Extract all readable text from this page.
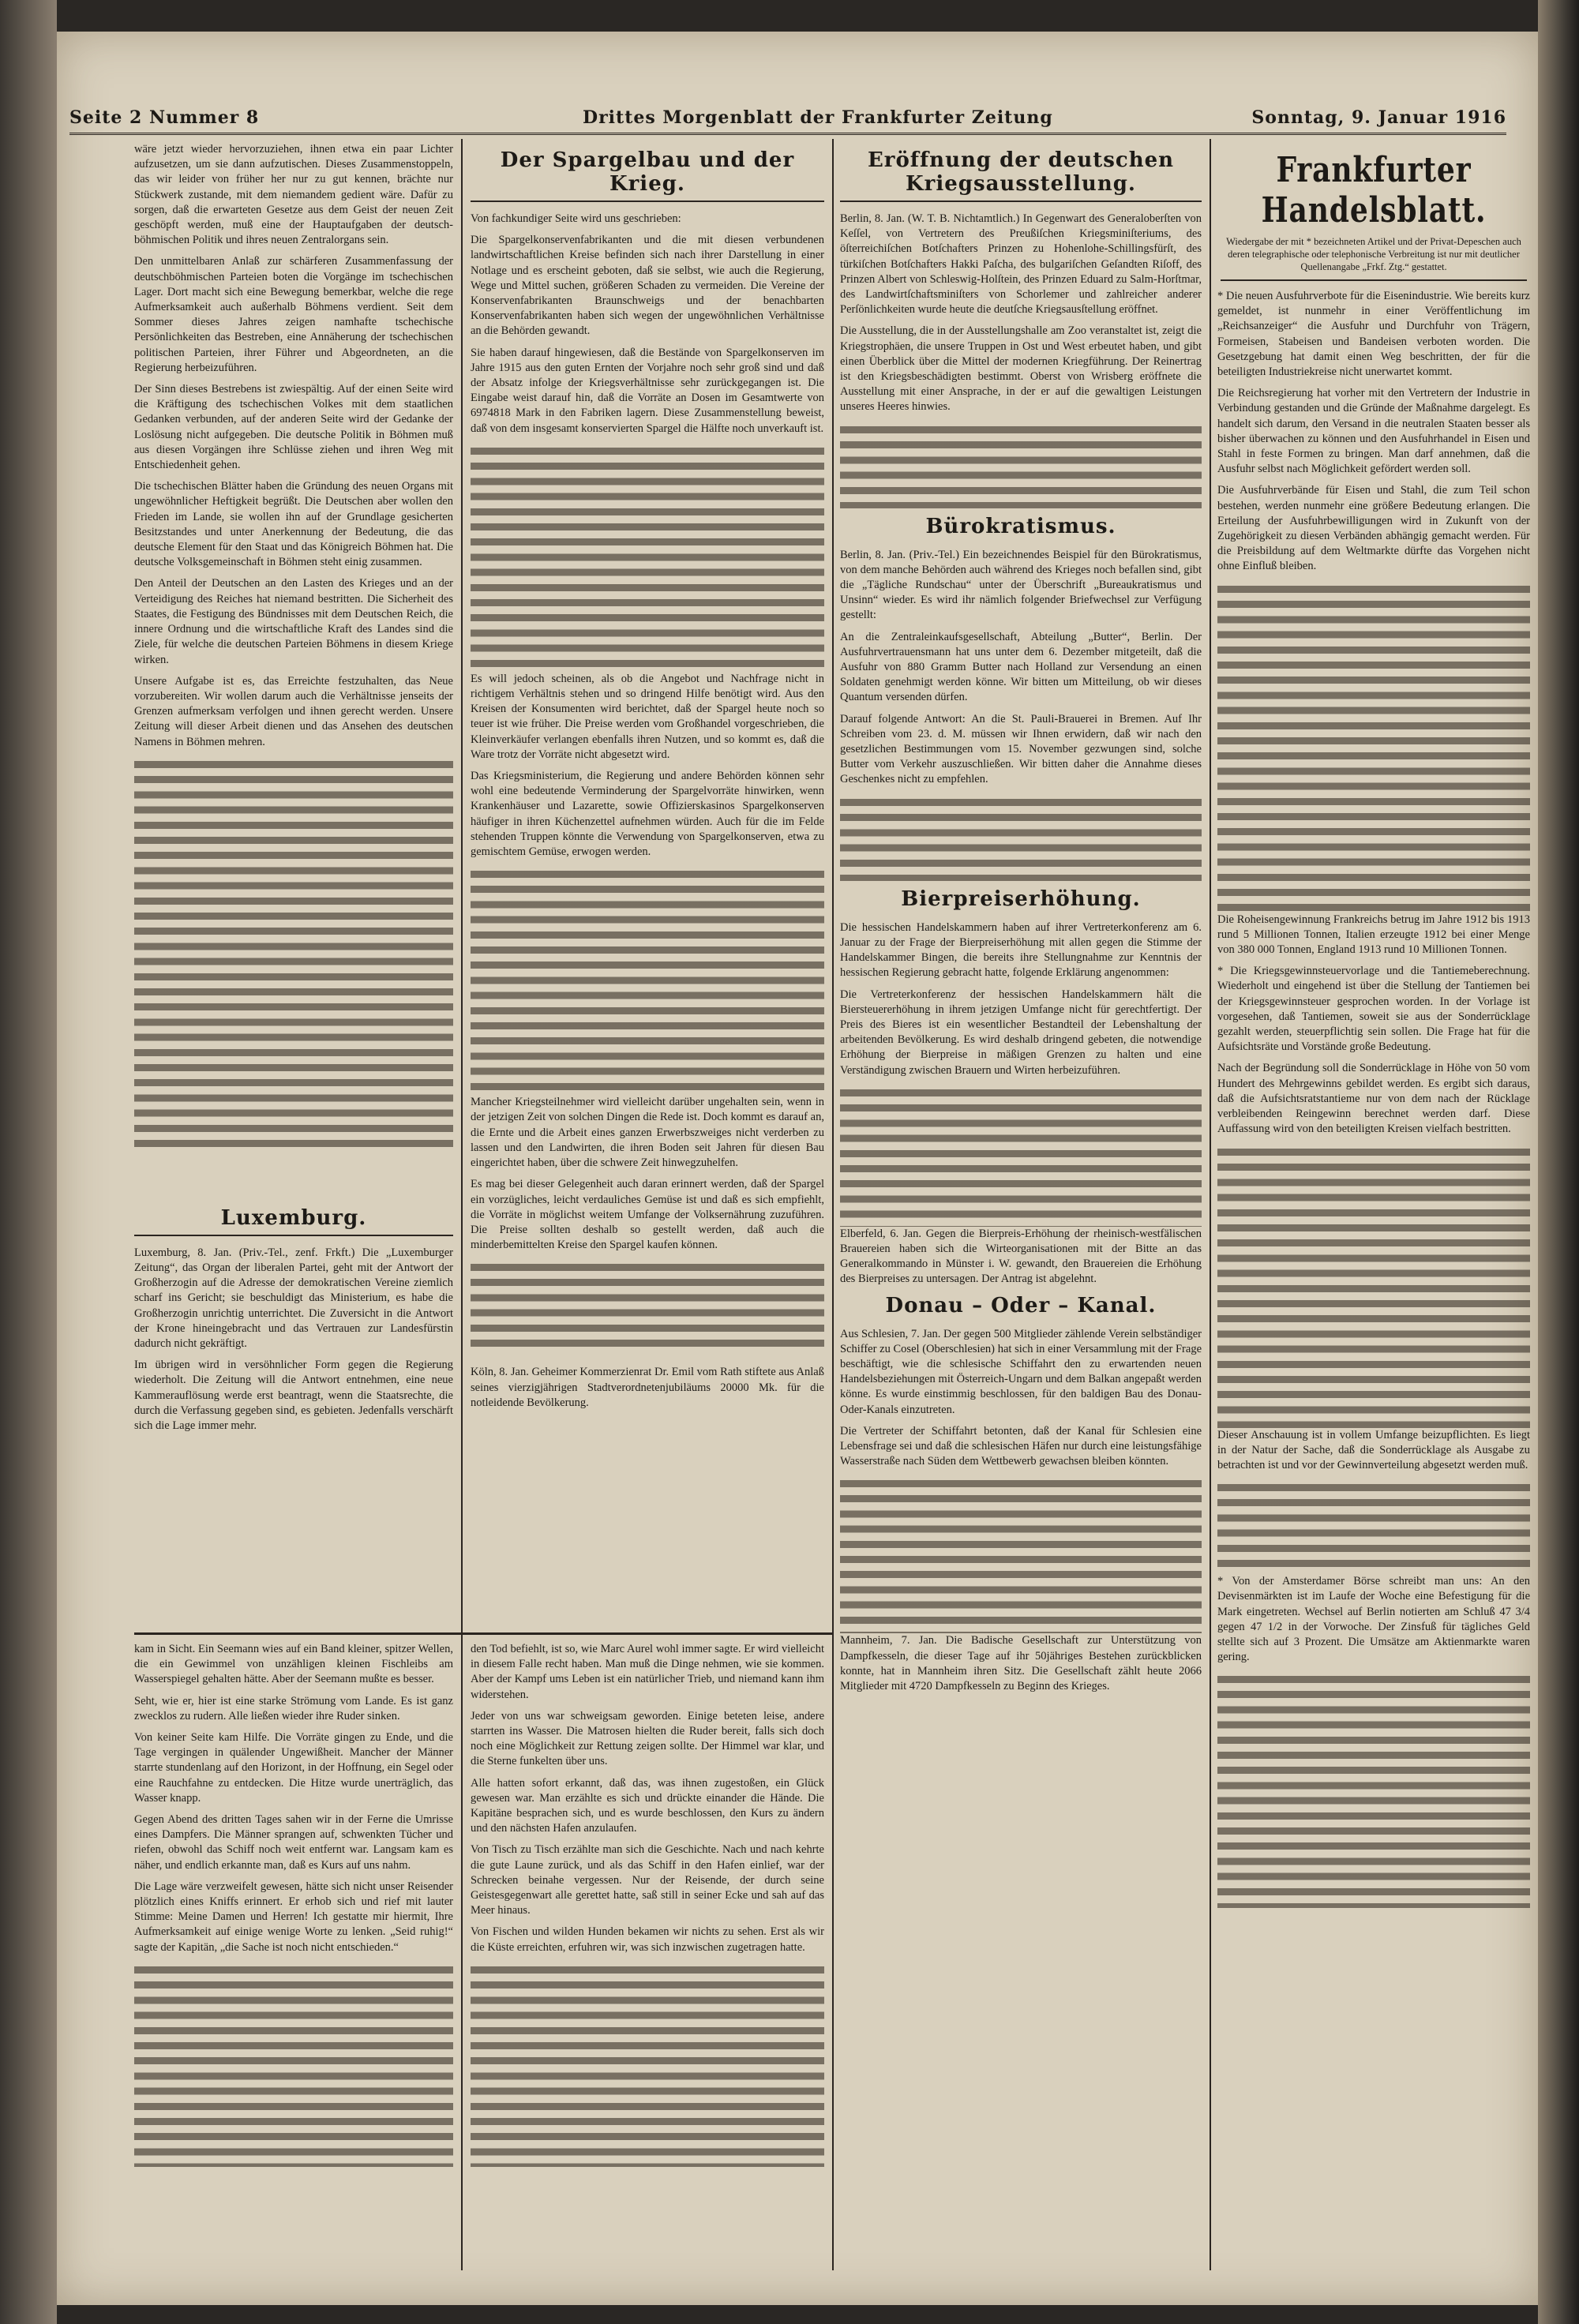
Seite 2 Nummer 8	Drittes Morgenblatt der Frankfurter Zeitung	Sonntag, 9. Januar 1916

wäre jetzt wieder hervorzuziehen, ihnen etwa ein paar Lichter aufzusetzen, um sie dann aufzutischen. Dieses Zusammenstoppeln, das wir leider von früher her nur zu gut kennen, brächte nur Stückwerk zustande, mit dem niemandem gedient wäre. Dafür zu sorgen, daß die erwarteten Gesetze aus dem Geist der neuen Zeit geschöpft werden, muß eine der Hauptaufgaben der deutsch-böhmischen Politik und ihres neuen Zentralorgans sein.

Den unmittelbaren Anlaß zur schärferen Zusammenfassung der deutschböhmischen Parteien boten die Vorgänge im tschechischen Lager. Dort macht sich eine Bewegung bemerkbar, welche die rege Aufmerksamkeit auch außerhalb Böhmens verdient. Seit dem Sommer dieses Jahres zeigen namhafte tschechische Persönlichkeiten das Bestreben, eine Annäherung der tschechischen politischen Parteien, ihrer Führer und Abgeordneten, an die Regierung herbeizuführen.

Der Sinn dieses Bestrebens ist zwiespältig. Auf der einen Seite wird die Kräftigung des tschechischen Volkes mit dem staatlichen Gedanken verbunden, auf der anderen Seite wird der Gedanke der Loslösung nicht aufgegeben. Die deutsche Politik in Böhmen muß aus diesen Vorgängen ihre Schlüsse ziehen und ihren Weg mit Entschiedenheit gehen.

Die tschechischen Blätter haben die Gründung des neuen Organs mit ungewöhnlicher Heftigkeit begrüßt. Die Deutschen aber wollen den Frieden im Lande, sie wollen ihn auf der Grundlage gesicherten Besitzstandes und unter Anerkennung der Bedeutung, die das deutsche Element für den Staat und das Königreich Böhmen hat. Die deutsche Volksgemeinschaft in Böhmen steht einig zusammen.

Den Anteil der Deutschen an den Lasten des Krieges und an der Verteidigung des Reiches hat niemand bestritten. Die Sicherheit des Staates, die Festigung des Bündnisses mit dem Deutschen Reich, die innere Ordnung und die wirtschaftliche Kraft des Landes sind die Ziele, für welche die deutschen Parteien Böhmens in diesem Kriege wirken.

Unsere Aufgabe ist es, das Erreichte festzuhalten, das Neue vorzubereiten. Wir wollen darum auch die Verhältnisse jenseits der Grenzen aufmerksam verfolgen und ihnen gerecht werden. Unsere Zeitung will dieser Arbeit dienen und das Ansehen des deutschen Namens in Böhmen mehren.

Luxemburg.

Luxemburg, 8. Jan. (Priv.-Tel., zenf. Frkft.) Die „Luxemburger Zeitung“, das Organ der liberalen Partei, geht mit der Antwort der Großherzogin auf die Adresse der demokratischen Vereine ziemlich scharf ins Gericht; sie beschuldigt das Ministerium, es habe die Großherzogin unrichtig unterrichtet. Die Zuversicht in die Antwort der Krone hineingebracht und das Vertrauen zur Landesfürstin dadurch nicht gekräftigt.

Im übrigen wird in versöhnlicher Form gegen die Regierung wiederholt. Die Zeitung will die Antwort entnehmen, eine neue Kammerauflösung werde erst beantragt, wenn die Staatsrechte, die durch die Verfassung gegeben sind, es gebieten. Jedenfalls verschärft sich die Lage immer mehr.

Der Spargelbau und der Krieg.

Von fachkundiger Seite wird uns geschrieben:

Die Spargelkonservenfabrikanten und die mit diesen verbundenen landwirtschaftlichen Kreise befinden sich nach ihrer Darstellung in einer Notlage und es erscheint geboten, daß sie selbst, wie auch die Regierung, Wege und Mittel suchen, größeren Schaden zu vermeiden. Die Vereine der Konservenfabrikanten Braunschweigs und der benachbarten Konservenfabrikanten haben sich wegen der ungewöhnlichen Verhältnisse an die Behörden gewandt.

Sie haben darauf hingewiesen, daß die Bestände von Spargelkonserven im Jahre 1915 aus den guten Ernten der Vorjahre noch sehr groß sind und daß der Absatz infolge der Kriegsverhältnisse sehr zurückgegangen ist. Die Eingabe weist darauf hin, daß die Vorräte an Dosen im Gesamtwerte von 6974818 Mark in den Fabriken lagern. Diese Zusammenstellung beweist, daß von dem insgesamt konservierten Spargel die Hälfte noch unverkauft ist.

Es will jedoch scheinen, als ob die Angebot und Nachfrage nicht in richtigem Verhältnis stehen und so dringend Hilfe benötigt wird. Aus den Kreisen der Konsumenten wird berichtet, daß der Spargel heute noch so teuer ist wie früher. Die Preise werden vom Großhandel vorgeschrieben, die Kleinverkäufer verlangen ebenfalls ihren Nutzen, und so kommt es, daß die Ware trotz der Vorräte nicht abgesetzt wird.

Das Kriegsministerium, die Regierung und andere Behörden können sehr wohl eine bedeutende Verminderung der Spargelvorräte hinwirken, wenn Krankenhäuser und Lazarette, sowie Offizierskasinos Spargelkonserven häufiger in ihren Küchenzettel aufnehmen würden. Auch für die im Felde stehenden Truppen könnte die Verwendung von Spargelkonserven, etwa zu gemischtem Gemüse, erwogen werden.

Mancher Kriegsteilnehmer wird vielleicht darüber ungehalten sein, wenn in der jetzigen Zeit von solchen Dingen die Rede ist. Doch kommt es darauf an, die Ernte und die Arbeit eines ganzen Erwerbszweiges nicht verderben zu lassen und den Landwirten, die ihren Boden seit Jahren für diesen Bau eingerichtet haben, über die schwere Zeit hinwegzuhelfen.

Es mag bei dieser Gelegenheit auch daran erinnert werden, daß der Spargel ein vorzügliches, leicht verdauliches Gemüse ist und daß es sich empfiehlt, die Vorräte in möglichst weitem Umfange der Volksernährung zuzuführen. Die Preise sollten deshalb so gestellt werden, daß auch die minderbemittelten Kreise den Spargel kaufen können.

Köln, 8. Jan. Geheimer Kommerzienrat Dr. Emil vom Rath stiftete aus Anlaß seines vierzigjährigen Stadtverordnetenjubiläums 20000 Mk. für die notleidende Bevölkerung.

Eröffnung der deutschen Kriegsausstellung.

Berlin, 8. Jan. (W. T. B. Nichtamtlich.) In Gegenwart des Generaloberſten von Keſſel, von Vertretern des Preußiſchen Kriegsminiſteriums, des öſterreichiſchen Botſchafters Prinzen zu Hohenlohe-Schillingsfürſt, des türkiſchen Botſchafters Hakki Paſcha, des bulgariſchen Geſandten Riſoff, des Prinzen Albert von Schleswig-Holſtein, des Prinzen Eduard zu Salm-Horſtmar, des Landwirtſchaftsminiſters von Schorlemer und zahlreicher anderer Perſönlichkeiten wurde heute die deutſche Kriegsausſtellung eröffnet.

Die Ausstellung, die in der Ausstellungshalle am Zoo veranstaltet ist, zeigt die Kriegstrophäen, die unsere Truppen in Ost und West erbeutet haben, und gibt einen Überblick über die Mittel der modernen Kriegführung. Der Reinertrag ist den Kriegsbeschädigten bestimmt. Oberst von Wrisberg eröffnete die Ausstellung mit einer Ansprache, in der er auf die gewaltigen Leistungen unseres Heeres hinwies.

Bürokratismus.

Berlin, 8. Jan. (Priv.-Tel.) Ein bezeichnendes Beispiel für den Bürokratismus, von dem manche Behörden auch während des Krieges noch befallen sind, gibt die „Tägliche Rundschau“ unter der Überschrift „Bureaukratismus und Unsinn“ wieder. Es wird ihr nämlich folgender Briefwechsel zur Verfügung gestellt:

An die Zentraleinkaufsgesellschaft, Abteilung „Butter“, Berlin. Der Ausfuhrvertrauensmann hat uns unter dem 6. Dezember mitgeteilt, daß die Ausfuhr von 880 Gramm Butter nach Holland zur Versendung an einen Soldaten genehmigt werden könne. Wir bitten um Mitteilung, ob wir dieses Quantum versenden dürfen.

Darauf folgende Antwort: An die St. Pauli-Brauerei in Bremen. Auf Ihr Schreiben vom 23. d. M. müssen wir Ihnen erwidern, daß wir nach den gesetzlichen Bestimmungen vom 15. November gezwungen sind, solche Butter vom Verkehr auszuschließen. Wir bitten daher die Annahme dieses Geschenkes nicht zu empfehlen.

Bierpreiserhöhung.

Die hessischen Handelskammern haben auf ihrer Vertreterkonferenz am 6. Januar zu der Frage der Bierpreiserhöhung mit allen gegen die Stimme der Handelskammer Bingen, die bereits ihre Stellungnahme zur Kenntnis der hessischen Regierung gebracht hatte, folgende Erklärung angenommen:

Die Vertreterkonferenz der hessischen Handelskammern hält die Biersteuererhöhung in ihrem jetzigen Umfange nicht für gerechtfertigt. Der Preis des Bieres ist ein wesentlicher Bestandteil der Lebenshaltung der arbeitenden Bevölkerung. Es wird deshalb dringend gebeten, die notwendige Erhöhung der Bierpreise in mäßigen Grenzen zu halten und eine Verständigung zwischen Brauern und Wirten herbeizuführen.

Elberfeld, 6. Jan. Gegen die Bierpreis-Erhöhung der rheinisch-westfälischen Brauereien haben sich die Wirteorganisationen mit der Bitte an das Generalkommando in Münster i. W. gewandt, den Brauereien die Erhöhung des Bierpreises zu untersagen. Der Antrag ist abgelehnt.

Donau – Oder – Kanal.

Aus Schlesien, 7. Jan. Der gegen 500 Mitglieder zählende Verein selbständiger Schiffer zu Cosel (Oberschlesien) hat sich in einer Versammlung mit der Frage beschäftigt, wie die schlesische Schiffahrt den zu erwartenden neuen Handelsbeziehungen mit Österreich-Ungarn und dem Balkan angepaßt werden könne. Es wurde einstimmig beschlossen, für den baldigen Bau des Donau-Oder-Kanals einzutreten.

Die Vertreter der Schiffahrt betonten, daß der Kanal für Schlesien eine Lebensfrage sei und daß die schlesischen Häfen nur durch eine leistungsfähige Wasserstraße nach Süden dem Wettbewerb gewachsen bleiben könnten.

Mannheim, 7. Jan. Die Badische Gesellschaft zur Unterstützung von Dampfkesseln, die dieser Tage auf ihr 50jähriges Bestehen zurückblicken konnte, hat in Mannheim ihren Sitz. Die Gesellschaft zählt heute 2066 Mitglieder mit 4720 Dampfkesseln zu Beginn des Krieges.

Frankfurter Handelsblatt.
Wiedergabe der mit * bezeichneten Artikel und der Privat-Depeschen auch deren telegraphische oder telephonische Verbreitung ist nur mit deutlicher Quellenangabe „Frkf. Ztg.“ gestattet.

* Die neuen Ausfuhrverbote für die Eisenindustrie. Wie bereits kurz gemeldet, ist nunmehr in einer Veröffentlichung im „Reichsanzeiger“ die Ausfuhr und Durchfuhr von Trägern, Formeisen, Stabeisen und Bandeisen verboten worden. Die Gesetzgebung hat damit einen Weg beschritten, der für die beteiligten Industriekreise nicht unerwartet kommt.

Die Reichsregierung hat vorher mit den Vertretern der Industrie in Verbindung gestanden und die Gründe der Maßnahme dargelegt. Es handelt sich darum, den Versand in die neutralen Staaten besser als bisher überwachen zu können und den Ausfuhrhandel in Eisen und Stahl in feste Formen zu bringen. Man darf annehmen, daß die Ausfuhr selbst nach Möglichkeit gefördert werden soll.

Die Ausfuhrverbände für Eisen und Stahl, die zum Teil schon bestehen, werden nunmehr eine größere Bedeutung erlangen. Die Erteilung der Ausfuhrbewilligungen wird in Zukunft von der Zugehörigkeit zu diesen Verbänden abhängig gemacht werden. Für die Preisbildung auf dem Weltmarkte dürfte das Vorgehen nicht ohne Einfluß bleiben.

Die Roheisengewinnung Frankreichs betrug im Jahre 1912 bis 1913 rund 5 Millionen Tonnen, Italien erzeugte 1912 bei einer Menge von 380 000 Tonnen, England 1913 rund 10 Millionen Tonnen.

* Die Kriegsgewinnsteuervorlage und die Tantiemeberechnung. Wiederholt und eingehend ist über die Stellung der Tantiemen bei der Kriegsgewinnsteuer gesprochen worden. In der Vorlage ist vorgesehen, daß Tantiemen, soweit sie aus der Sonderrücklage gezahlt werden, steuerpflichtig sein sollen. Die Frage hat für die Aufsichtsräte und Vorstände große Bedeutung.

Nach der Begründung soll die Sonderrücklage in Höhe von 50 vom Hundert des Mehrgewinns gebildet werden. Es ergibt sich daraus, daß die Aufsichtsratstantieme nur von dem nach der Rücklage verbleibenden Reingewinn berechnet werden darf. Diese Auffassung wird von den beteiligten Kreisen vielfach bestritten.

Dieser Anschauung ist in vollem Umfange beizupflichten. Es liegt in der Natur der Sache, daß die Sonderrücklage als Ausgabe zu betrachten ist und vor der Gewinnverteilung abgesetzt werden muß.

* Von der Amsterdamer Börse schreibt man uns: An den Devisenmärkten ist im Laufe der Woche eine Befestigung für die Mark eingetreten. Wechsel auf Berlin notierten am Schluß 47 3/4 gegen 47 1/2 in der Vorwoche. Der Zinsfuß für tägliches Geld stellte sich auf 3 Prozent. Die Umsätze am Aktienmarkte waren gering.

kam in Sicht. Ein Seemann wies auf ein Band kleiner, spitzer Wellen, die ein Gewimmel von unzähligen kleinen Fischleibs am Wasserspiegel gehalten hätte. Aber der Seemann mußte es besser.

Seht, wie er, hier ist eine starke Strömung vom Lande. Es ist ganz zwecklos zu rudern. Alle ließen wieder ihre Ruder sinken.

Von keiner Seite kam Hilfe. Die Vorräte gingen zu Ende, und die Tage vergingen in quälender Ungewißheit. Mancher der Männer starrte stundenlang auf den Horizont, in der Hoffnung, ein Segel oder eine Rauchfahne zu entdecken. Die Hitze wurde unerträglich, das Wasser knapp.

Gegen Abend des dritten Tages sahen wir in der Ferne die Umrisse eines Dampfers. Die Männer sprangen auf, schwenkten Tücher und riefen, obwohl das Schiff noch weit entfernt war. Langsam kam es näher, und endlich erkannte man, daß es Kurs auf uns nahm.

Die Lage wäre verzweifelt gewesen, hätte sich nicht unser Reisender plötzlich eines Kniffs erinnert. Er erhob sich und rief mit lauter Stimme: Meine Damen und Herren! Ich gestatte mir hiermit, Ihre Aufmerksamkeit auf einige wenige Worte zu lenken. „Seid ruhig!“ sagte der Kapitän, „die Sache ist noch nicht entschieden.“

den Tod befiehlt, ist so, wie Marc Aurel wohl immer sagte. Er wird vielleicht in diesem Falle recht haben. Man muß die Dinge nehmen, wie sie kommen. Aber der Kampf ums Leben ist ein natürlicher Trieb, und niemand kann ihm widerstehen.

Jeder von uns war schweigsam geworden. Einige beteten leise, andere starrten ins Wasser. Die Matrosen hielten die Ruder bereit, falls sich doch noch eine Möglichkeit zur Rettung zeigen sollte. Der Himmel war klar, und die Sterne funkelten über uns.

Alle hatten sofort erkannt, daß das, was ihnen zugestoßen, ein Glück gewesen war. Man erzählte es sich und drückte einander die Hände. Die Kapitäne besprachen sich, und es wurde beschlossen, den Kurs zu ändern und den nächsten Hafen anzulaufen.

Von Tisch zu Tisch erzählte man sich die Geschichte. Nach und nach kehrte die gute Laune zurück, und als das Schiff in den Hafen einlief, war der Schrecken beinahe vergessen. Nur der Reisende, der durch seine Geistesgegenwart alle gerettet hatte, saß still in seiner Ecke und sah auf das Meer hinaus.

Von Fischen und wilden Hunden bekamen wir nichts zu sehen. Erst als wir die Küste erreichten, erfuhren wir, was sich inzwischen zugetragen hatte.
